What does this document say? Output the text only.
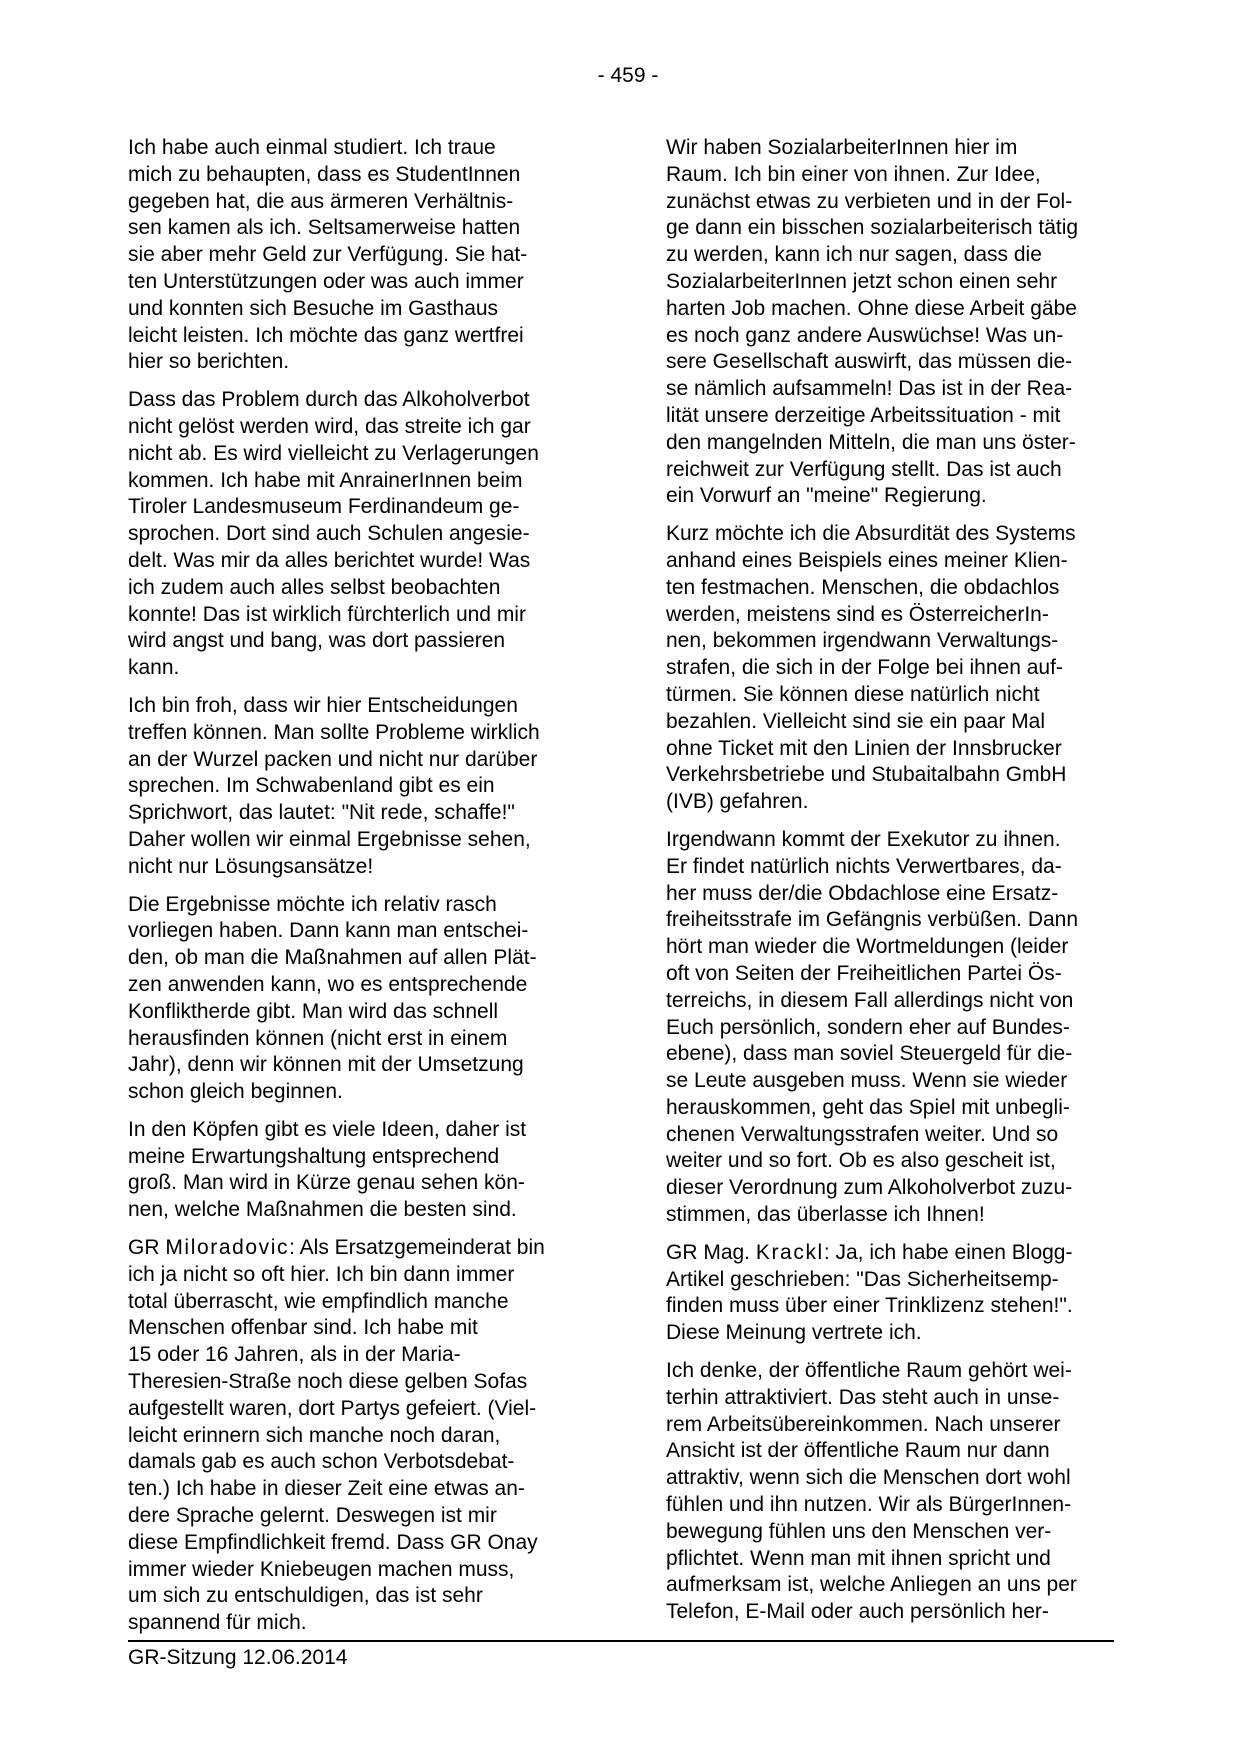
- 459 -

Ich habe auch einmal studiert. Ich traue
mich zu behaupten, dass es StudentInnen
gegeben hat, die aus ärmeren Verhältnis-
sen kamen als ich. Seltsamerweise hatten
sie aber mehr Geld zur Verfügung. Sie hat-
ten Unterstützungen oder was auch immer
und konnten sich Besuche im Gasthaus
leicht leisten. Ich möchte das ganz wertfrei
hier so berichten.

Dass das Problem durch das Alkoholverbot
nicht gelöst werden wird, das streite ich gar
nicht ab. Es wird vielleicht zu Verlagerungen
kommen. Ich habe mit AnrainerInnen beim
Tiroler Landesmuseum Ferdinandeum ge-
sprochen. Dort sind auch Schulen angesie-
delt. Was mir da alles berichtet wurde! Was
ich zudem auch alles selbst beobachten
konnte! Das ist wirklich fürchterlich und mir
wird angst und bang, was dort passieren
kann.

Ich bin froh, dass wir hier Entscheidungen
treffen können. Man sollte Probleme wirklich
an der Wurzel packen und nicht nur darüber
sprechen. Im Schwabenland gibt es ein
Sprichwort, das lautet: "Nit rede, schaffe!"
Daher wollen wir einmal Ergebnisse sehen,
nicht nur Lösungsansätze!

Die Ergebnisse möchte ich relativ rasch
vorliegen haben. Dann kann man entschei-
den, ob man die Maßnahmen auf allen Plät-
zen anwenden kann, wo es entsprechende
Konfliktherde gibt. Man wird das schnell
herausfinden können (nicht erst in einem
Jahr), denn wir können mit der Umsetzung
schon gleich beginnen.

In den Köpfen gibt es viele Ideen, daher ist
meine Erwartungshaltung entsprechend
groß. Man wird in Kürze genau sehen kön-
nen, welche Maßnahmen die besten sind.

GR Miloradovic: Als Ersatzgemeinderat bin
ich ja nicht so oft hier. Ich bin dann immer
total überrascht, wie empfindlich manche
Menschen offenbar sind. Ich habe mit
15 oder 16 Jahren, als in der Maria-
Theresien-Straße noch diese gelben Sofas
aufgestellt waren, dort Partys gefeiert. (Viel-
leicht erinnern sich manche noch daran,
damals gab es auch schon Verbotsdebat-
ten.) Ich habe in dieser Zeit eine etwas an-
dere Sprache gelernt. Deswegen ist mir
diese Empfindlichkeit fremd. Dass GR Onay
immer wieder Kniebeugen machen muss,
um sich zu entschuldigen, das ist sehr
spannend für mich.

Wir haben SozialarbeiterInnen hier im
Raum. Ich bin einer von ihnen. Zur Idee,
zunächst etwas zu verbieten und in der Fol-
ge dann ein bisschen sozialarbeiterisch tätig
zu werden, kann ich nur sagen, dass die
SozialarbeiterInnen jetzt schon einen sehr
harten Job machen. Ohne diese Arbeit gäbe
es noch ganz andere Auswüchse! Was un-
sere Gesellschaft auswirft, das müssen die-
se nämlich aufsammeln! Das ist in der Rea-
lität unsere derzeitige Arbeitssituation - mit
den mangelnden Mitteln, die man uns öster-
reichweit zur Verfügung stellt. Das ist auch
ein Vorwurf an "meine" Regierung.

Kurz möchte ich die Absurdität des Systems
anhand eines Beispiels eines meiner Klien-
ten festmachen. Menschen, die obdachlos
werden, meistens sind es ÖsterreicherIn-
nen, bekommen irgendwann Verwaltungs-
strafen, die sich in der Folge bei ihnen auf-
türmen. Sie können diese natürlich nicht
bezahlen. Vielleicht sind sie ein paar Mal
ohne Ticket mit den Linien der Innsbrucker
Verkehrsbetriebe und Stubaitalbahn GmbH
(IVB) gefahren.

Irgendwann kommt der Exekutor zu ihnen.
Er findet natürlich nichts Verwertbares, da-
her muss der/die Obdachlose eine Ersatz-
freiheitsstrafe im Gefängnis verbüßen. Dann
hört man wieder die Wortmeldungen (leider
oft von Seiten der Freiheitlichen Partei Ös-
terreichs, in diesem Fall allerdings nicht von
Euch persönlich, sondern eher auf Bundes-
ebene), dass man soviel Steuergeld für die-
se Leute ausgeben muss. Wenn sie wieder
herauskommen, geht das Spiel mit unbegli-
chenen Verwaltungsstrafen weiter. Und so
weiter und so fort. Ob es also gescheit ist,
dieser Verordnung zum Alkoholverbot zuzu-
stimmen, das überlasse ich Ihnen!

GR Mag. Krackl: Ja, ich habe einen Blogg-
Artikel geschrieben: "Das Sicherheitsemp-
finden muss über einer Trinklizenz stehen!".
Diese Meinung vertrete ich.

Ich denke, der öffentliche Raum gehört wei-
terhin attraktiviert. Das steht auch in unse-
rem Arbeitsübereinkommen. Nach unserer
Ansicht ist der öffentliche Raum nur dann
attraktiv, wenn sich die Menschen dort wohl
fühlen und ihn nutzen. Wir als BürgerInnen-
bewegung fühlen uns den Menschen ver-
pflichtet. Wenn man mit ihnen spricht und
aufmerksam ist, welche Anliegen an uns per
Telefon, E-Mail oder auch persönlich her-

GR-Sitzung 12.06.2014
